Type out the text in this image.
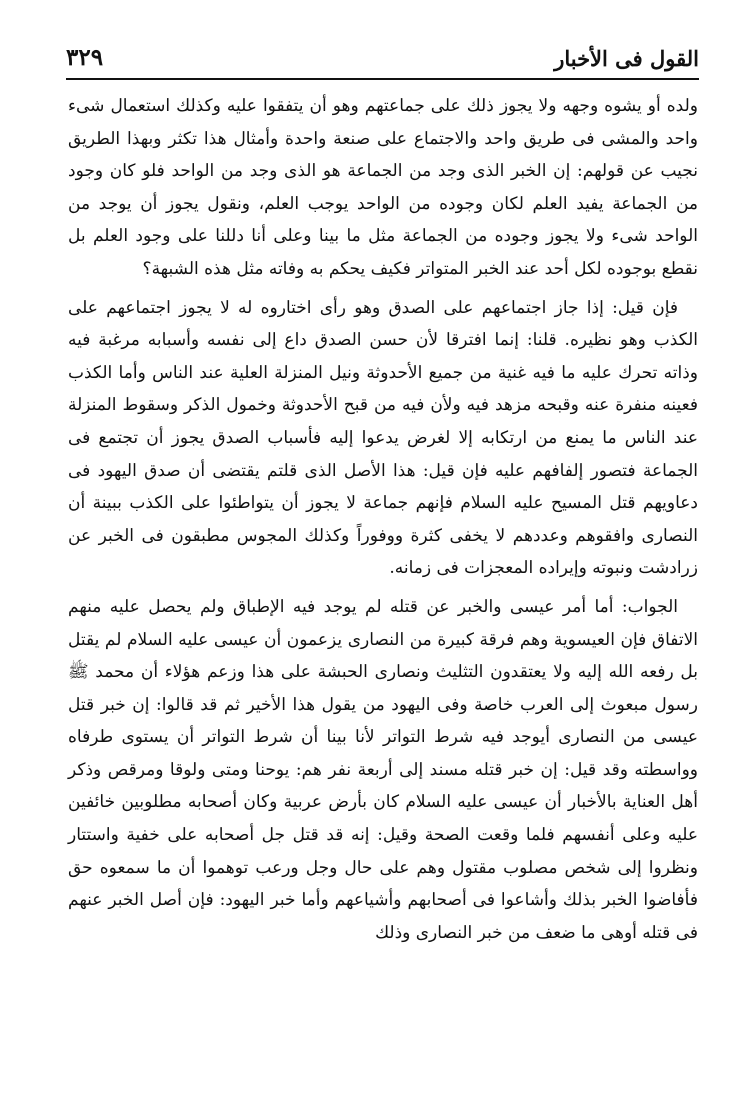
القول فى الأخبار
٣٢٩

ولده أو يشوه وجهه ولا يجوز ذلك على جماعتهم وهو أن يتفقوا عليه وكذلك استعمال شىء واحد والمشى فى طريق واحد والاجتماع على صنعة واحدة وأمثال هذا تكثر وبهذا الطريق نجيب عن قولهم: إن الخبر الذى وجد من الجماعة هو الذى وجد من الواحد فلو كان وجود من الجماعة يفيد العلم لكان وجوده من الواحد يوجب العلم، ونقول يجوز أن يوجد من الواحد شىء ولا يجوز وجوده من الجماعة مثل ما بينا وعلى أنا دللنا على وجود العلم بل نقطع بوجوده لكل أحد عند الخبر المتواتر فكيف يحكم به وفاته مثل هذه الشبهة؟

فإن قيل: إذا جاز اجتماعهم على الصدق وهو رأى اختاروه له لا يجوز اجتماعهم على الكذب وهو نظيره. قلنا: إنما افترقا لأن حسن الصدق داع إلى نفسه وأسبابه مرغبة فيه وذاته تحرك عليه ما فيه غنية من جميع الأحدوثة ونيل المنزلة العلية عند الناس وأما الكذب فعينه منفرة عنه وقبحه مزهد فيه ولأن فيه من قبح الأحدوثة وخمول الذكر وسقوط المنزلة عند الناس ما يمنع من ارتكابه إلا لغرض يدعوا إليه فأسباب الصدق يجوز أن تجتمع فى الجماعة فتصور إلفافهم عليه فإن قيل: هذا الأصل الذى قلتم يقتضى أن صدق اليهود فى دعاويهم قتل المسيح عليه السلام فإنهم جماعة لا يجوز أن يتواطئوا على الكذب ببينة أن النصارى وافقوهم وعددهم لا يخفى كثرة ووفوراً وكذلك المجوس مطبقون فى الخبر عن زرادشت ونبوته وإيراده المعجزات فى زمانه.

الجواب: أما أمر عيسى والخبر عن قتله لم يوجد فيه الإطباق ولم يحصل عليه منهم الاتفاق فإن العيسوية وهم فرقة كبيرة من النصارى يزعمون أن عيسى عليه السلام لم يقتل بل رفعه الله إليه ولا يعتقدون التثليث ونصارى الحبشة على هذا وزعم هؤلاء أن محمد ﷺ رسول مبعوث إلى العرب خاصة وفى اليهود من يقول هذا الأخير ثم قد قالوا: إن خبر قتل عيسى من النصارى أيوجد فيه شرط التواتر لأنا بينا أن شرط التواتر أن يستوى طرفاه وواسطته وقد قيل: إن خبر قتله مسند إلى أربعة نفر هم: يوحنا ومتى ولوقا ومرقص وذكر أهل العناية بالأخبار أن عيسى عليه السلام كان بأرض عربية وكان أصحابه مطلوبين خائفين عليه وعلى أنفسهم فلما وقعت الصحة وقيل: إنه قد قتل جل أصحابه على خفية واستتار ونظروا إلى شخص مصلوب مقتول وهم على حال وجل ورعب توهموا أن ما سمعوه حق فأفاضوا الخبر بذلك وأشاعوا فى أصحابهم وأشياعهم وأما خبر اليهود: فإن أصل الخبر عنهم فى قتله أوهى ما ضعف من خبر النصارى وذلك
